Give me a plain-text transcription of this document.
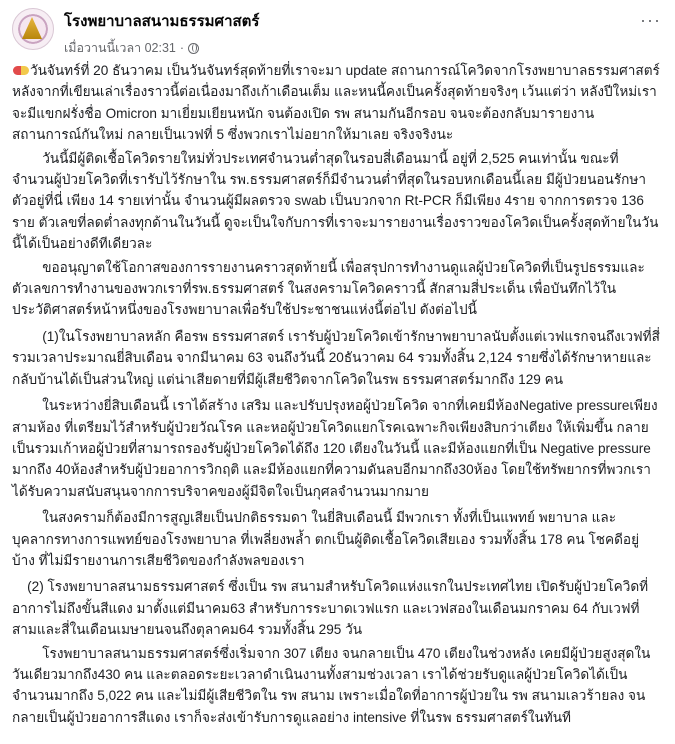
โรงพยาบาลสนามธรรมศาสตร์
เมื่อวานนี้เวลา 02:31 ·
···

วันจันทร์ที่ 20 ธันวาคม เป็นวันจันทร์สุดท้ายที่เราจะมา update สถานการณ์โควิดจากโรงพยาบาลธรรมศาสตร์ หลังจากที่เขียนเล่าเรื่องราวนี้ต่อเนื่องมาถึงเก้าเดือนเต็ม และหนนี้คงเป็นครั้งสุดท้ายจริงๆ เว้นแต่ว่า หลังปีใหม่เราจะมีแขกฝรั่งชื่อ Omicron มาเยี่ยมเยียนหนัก จนต้องเปิด รพ สนามกันอีกรอบ จนจะต้องกลับมารายงานสถานการณ์กันใหม่ กลายเป็นเวฟที่ 5 ซึ่งพวกเราไม่อยากให้มาเลย จริงจริงนะ

วันนี้มีผู้ติดเชื้อโควิดรายใหม่ทั่วประเทศจำนวนต่ำสุดในรอบสี่เดือนมานี้ อยู่ที่ 2,525 คนเท่านั้น ขณะที่จำนวนผู้ป่วยโควิดที่เรารับไว้รักษาใน รพ.ธรรมศาสตร์ก็มีจำนวนต่ำที่สุดในรอบหกเดือนนี้เลย มีผู้ป่วยนอนรักษาตัวอยู่ที่นี่ เพียง 14 รายเท่านั้น จำนวนผู้มีผลตรวจ swab เป็นบวกจาก Rt-PCR ก็มีเพียง 4ราย จากการตรวจ 136 ราย ตัวเลขที่ลดต่ำลงทุกด้านในวันนี้ ดูจะเป็นใจกับการที่เราจะมารายงานเรื่องราวของโควิดเป็นครั้งสุดท้ายในวันนี้ได้เป็นอย่างดีทีเดียวละ

ขออนุญาตใช้โอกาสของการรายงานคราวสุดท้ายนี้ เพื่อสรุปการทำงานดูแลผู้ป่วยโควิดที่เป็นรูปธรรมและตัวเลขการทำงานของพวกเราที่รพ.ธรรมศาสตร์ ในสงครามโควิดคราวนี้ สักสามสี่ประเด็น เพื่อบันทึกไว้ในประวัติศาสตร์หน้าหนึ่งของโรงพยาบาลเพื่อรับใช้ประชาชนแห่งนี้ต่อไป ดังต่อไปนี้

(1)ในโรงพยาบาลหลัก คือรพ ธรรมศาสตร์ เรารับผู้ป่วยโควิดเข้ารักษาพยาบาลนับตั้งแต่เวฟแรกจนถึงเวฟที่สี่ รวมเวลาประมาณยี่สิบเดือน จากมีนาคม 63 จนถึงวันนี้ 20ธันวาคม 64 รวมทั้งสิ้น 2,124 รายซึ่งได้รักษาหายและกลับบ้านได้เป็นส่วนใหญ่ แต่น่าเสียดายที่มีผู้เสียชีวิตจากโควิดในรพ ธรรมศาสตร์มากถึง 129 คน

ในระหว่างยี่สิบเดือนนี้ เราได้สร้าง เสริม และปรับปรุงหอผู้ป่วยโควิด จากที่เคยมีห้องNegative pressureเพียงสามห้อง ที่เตรียมไว้สำหรับผู้ป่วยวัณโรค และหอผู้ป่วยโควิดแยกโรคเฉพาะกิจเพียงสิบกว่าเตียง ให้เพิ่มขึ้น กลายเป็นรวมเก้าหอผู้ป่วยที่สามารถรองรับผู้ป่วยโควิดได้ถึง 120 เตียงในวันนี้ และมีห้องแยกที่เป็น Negative pressure มากถึง 40ห้องสำหรับผู้ป่วยอาการวิกฤติ และมีห้องแยกที่ความดันลบอีกมากถึง30ห้อง โดยใช้ทรัพยากรที่พวกเราได้รับความสนับสนุนจากการบริจาคของผู้มีจิตใจเป็นกุศลจำนวนมากมาย

ในสงครามก็ต้องมีการสูญเสียเป็นปกติธรรมดา ในยี่สิบเดือนนี้ มีพวกเรา ทั้งที่เป็นแพทย์ พยาบาล และบุคลากรทางการแพทย์ของโรงพยาบาล ที่เพลี่ยงพล้ำ ตกเป็นผู้ติดเชื้อโควิดเสียเอง รวมทั้งสิ้น 178 คน โชคดีอยู่บ้าง ที่ไม่มีรายงานการเสียชีวิตของกำลังพลของเรา

(2) โรงพยาบาลสนามธรรมศาสตร์ ซึ่งเป็น รพ สนามสำหรับโควิดแห่งแรกในประเทศไทย เปิดรับผู้ป่วยโควิดที่อาการไม่ถึงขั้นสีแดง มาตั้งแต่มีนาคม63 สำหรับการระบาดเวฟแรก และเวฟสองในเดือนมกราคม 64 กับเวฟที่สามและสี่ในเดือนเมษายนจนถึงตุลาคม64 รวมทั้งสิ้น 295 วัน

โรงพยาบาลสนามธรรมศาสตร์ซึ่งเริ่มจาก 307 เตียง จนกลายเป็น 470 เตียงในช่วงหลัง เคยมีผู้ป่วยสูงสุดในวันเดียวมากถึง430 คน และตลอดระยะเวลาดำเนินงานทั้งสามช่วงเวลา เราได้ช่วยรับดูแลผู้ป่วยโควิดได้เป็นจำนวนมากถึง 5,022 คน และไม่มีผู้เสียชีวิตใน รพ สนาม เพราะเมื่อใดที่อาการผู้ป่วยใน รพ สนามเลวร้ายลง จนกลายเป็นผู้ป่วยอาการสีแดง เราก็จะส่งเข้ารับการดูแลอย่าง intensive ที่ในรพ ธรรมศาสตร์ในทันที
